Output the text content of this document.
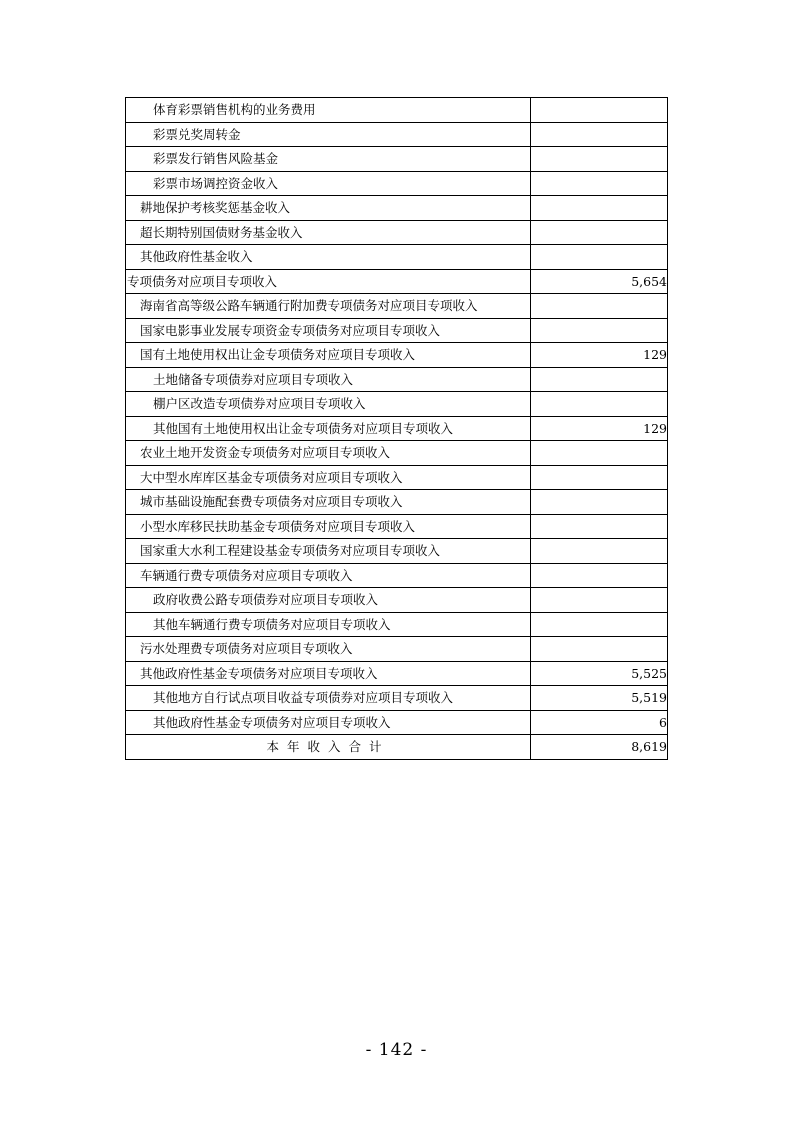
体育彩票销售机构的业务费用	
彩票兑奖周转金	
彩票发行销售风险基金	
彩票市场调控资金收入	
耕地保护考核奖惩基金收入	
超长期特别国债财务基金收入	
其他政府性基金收入	
专项债务对应项目专项收入	5,654
海南省高等级公路车辆通行附加费专项债务对应项目专项收入	
国家电影事业发展专项资金专项债务对应项目专项收入	
国有土地使用权出让金专项债务对应项目专项收入	129
土地储备专项债券对应项目专项收入	
棚户区改造专项债券对应项目专项收入	
其他国有土地使用权出让金专项债务对应项目专项收入	129
农业土地开发资金专项债务对应项目专项收入	
大中型水库库区基金专项债务对应项目专项收入	
城市基础设施配套费专项债务对应项目专项收入	
小型水库移民扶助基金专项债务对应项目专项收入	
国家重大水利工程建设基金专项债务对应项目专项收入	
车辆通行费专项债务对应项目专项收入	
政府收费公路专项债券对应项目专项收入	
其他车辆通行费专项债务对应项目专项收入	
污水处理费专项债务对应项目专项收入	
其他政府性基金专项债务对应项目专项收入	5,525
其他地方自行试点项目收益专项债券对应项目专项收入	5,519
其他政府性基金专项债务对应项目专项收入	6
本年收入合计	8,619
- 142 -
